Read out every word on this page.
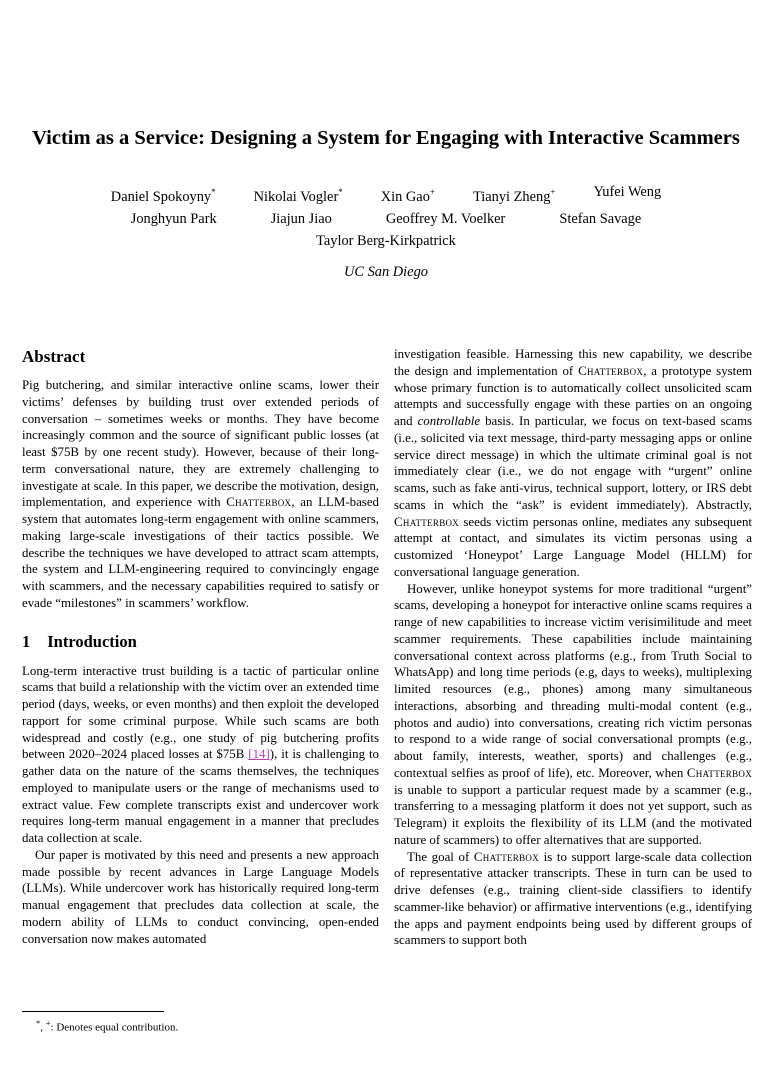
Victim as a Service: Designing a System for Engaging with Interactive Scammers
Daniel Spokoyny*	Nikolai Vogler*	Xin Gao+	Tianyi Zheng+	Yufei Weng
Jonghyun Park	Jiajun Jiao	Geoffrey M. Voelker	Stefan Savage
Taylor Berg-Kirkpatrick
UC San Diego
Abstract

Pig butchering, and similar interactive online scams, lower their victims’ defenses by building trust over extended periods of conversation – sometimes weeks or months. They have become increasingly common and the source of significant public losses (at least $75B by one recent study). However, because of their long-term conversational nature, they are extremely challenging to investigate at scale. In this paper, we describe the motivation, design, implementation, and experience with Chatterbox, an LLM-based system that automates long-term engagement with online scammers, making large-scale investigations of their tactics possible. We describe the techniques we have developed to attract scam attempts, the system and LLM-engineering required to convincingly engage with scammers, and the necessary capabilities required to satisfy or evade “milestones” in scammers’ workflow.

1 Introduction

Long-term interactive trust building is a tactic of particular online scams that build a relationship with the victim over an extended time period (days, weeks, or even months) and then exploit the developed rapport for some criminal purpose. While such scams are both widespread and costly (e.g., one study of pig butchering profits between 2020–2024 placed losses at $75B [14]), it is challenging to gather data on the nature of the scams themselves, the techniques employed to manipulate users or the range of mechanisms used to extract value. Few complete transcripts exist and undercover work requires long-term manual engagement in a manner that precludes data collection at scale.

Our paper is motivated by this need and presents a new approach made possible by recent advances in Large Language Models (LLMs). While undercover work has historically required long-term manual engagement that precludes data collection at scale, the modern ability of LLMs to conduct convincing, open-ended conversation now makes automated

investigation feasible. Harnessing this new capability, we describe the design and implementation of Chatterbox, a prototype system whose primary function is to automatically collect unsolicited scam attempts and successfully engage with these parties on an ongoing and controllable basis. In particular, we focus on text-based scams (i.e., solicited via text message, third-party messaging apps or online service direct message) in which the ultimate criminal goal is not immediately clear (i.e., we do not engage with “urgent” online scams, such as fake anti-virus, technical support, lottery, or IRS debt scams in which the “ask” is evident immediately). Abstractly, Chatterbox seeds victim personas online, mediates any subsequent attempt at contact, and simulates its victim personas using a customized ‘Honeypot’ Large Language Model (HLLM) for conversational language generation.

However, unlike honeypot systems for more traditional “urgent” scams, developing a honeypot for interactive online scams requires a range of new capabilities to increase victim verisimilitude and meet scammer requirements. These capabilities include maintaining conversational context across platforms (e.g., from Truth Social to WhatsApp) and long time periods (e.g, days to weeks), multiplexing limited resources (e.g., phones) among many simultaneous interactions, absorbing and threading multi-modal content (e.g., photos and audio) into conversations, creating rich victim personas to respond to a wide range of social conversational prompts (e.g., about family, interests, weather, sports) and challenges (e.g., contextual selfies as proof of life), etc. Moreover, when Chatterbox is unable to support a particular request made by a scammer (e.g., transferring to a messaging platform it does not yet support, such as Telegram) it exploits the flexibility of its LLM (and the motivated nature of scammers) to offer alternatives that are supported.

The goal of Chatterbox is to support large-scale data collection of representative attacker transcripts. These in turn can be used to drive defenses (e.g., training client-side classifiers to identify scammer-like behavior) or affirmative interventions (e.g., identifying the apps and payment endpoints being used by different groups of scammers to support both

*, +: Denotes equal contribution.
